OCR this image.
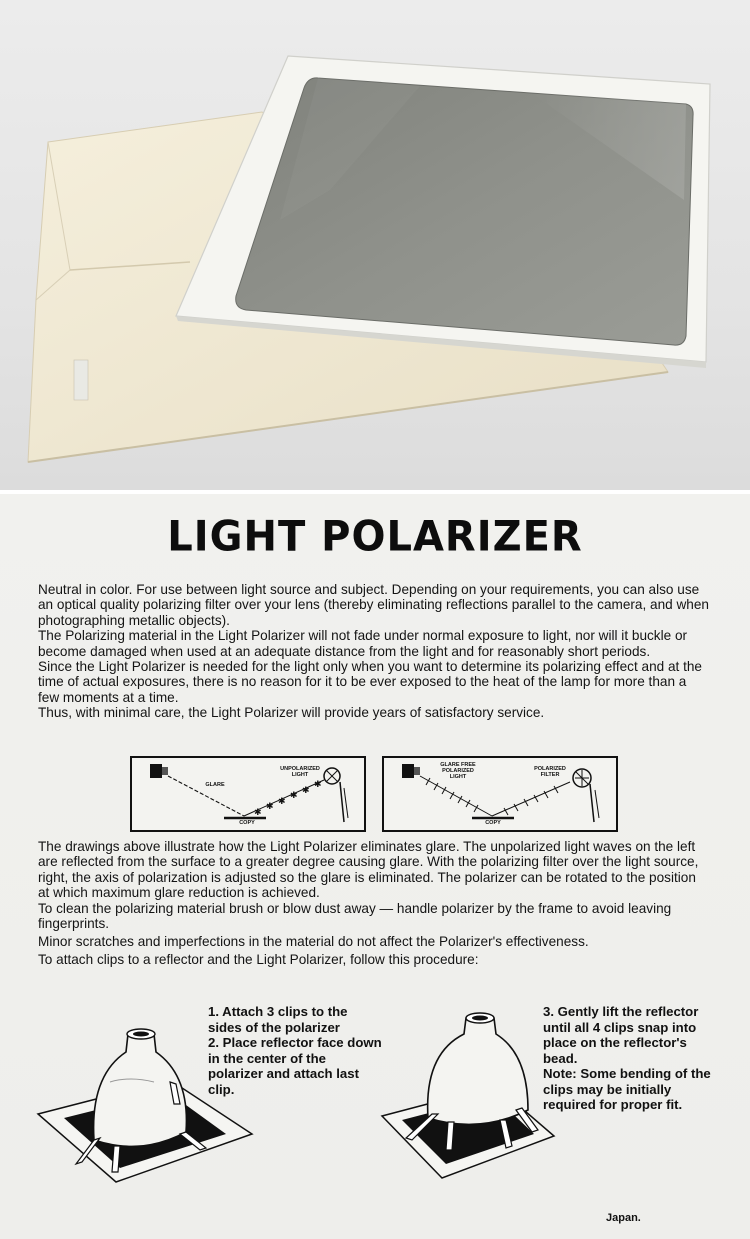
LIGHT POLARIZER
Neutral in color. For use between light source and subject. Depending on your requirements, you can also use an optical quality polarizing filter over your lens (thereby eliminating reflections parallel to the camera, and when photographing metallic objects).
The Polarizing material in the Light Polarizer will not fade under normal exposure to light, nor will it buckle or become damaged when used at an adequate distance from the light and for reasonably short periods.
Since the Light Polarizer is needed for the light only when you want to determine its polarizing effect and at the time of actual exposures, there is no reason for it to be ever exposed to the heat of the lamp for more than a few moments at a time.
Thus, with minimal care, the Light Polarizer will provide years of satisfactory service.
✱
✱ ✱
✱ ✱
✱
GLARE
UNPOLARIZED LIGHT
COPY
GLARE FREE POLARIZED LIGHT
POLARIZED FILTER
COPY
The drawings above illustrate how the Light Polarizer eliminates glare. The unpolarized light waves on the left are reflected from the surface to a greater degree causing glare. With the polarizing filter over the light source, right, the axis of polarization is adjusted so the glare is eliminated. The polarizer can be rotated to the position at which maximum glare reduction is achieved.
To clean the polarizing material brush or blow dust away — handle polarizer by the frame to avoid leaving fingerprints.
Minor scratches and imperfections in the material do not affect the Polarizer's effectiveness.
To attach clips to a reflector and the Light Polarizer, follow this procedure:

1. Attach 3 clips to the sides of the polarizer

2. Place reflector face down in the center of the polarizer and attach last clip.

3. Gently lift the reflector until all 4 clips snap into place on the reflector's bead.

Note: Some bending of the clips may be initially required for proper fit.

Japan.
